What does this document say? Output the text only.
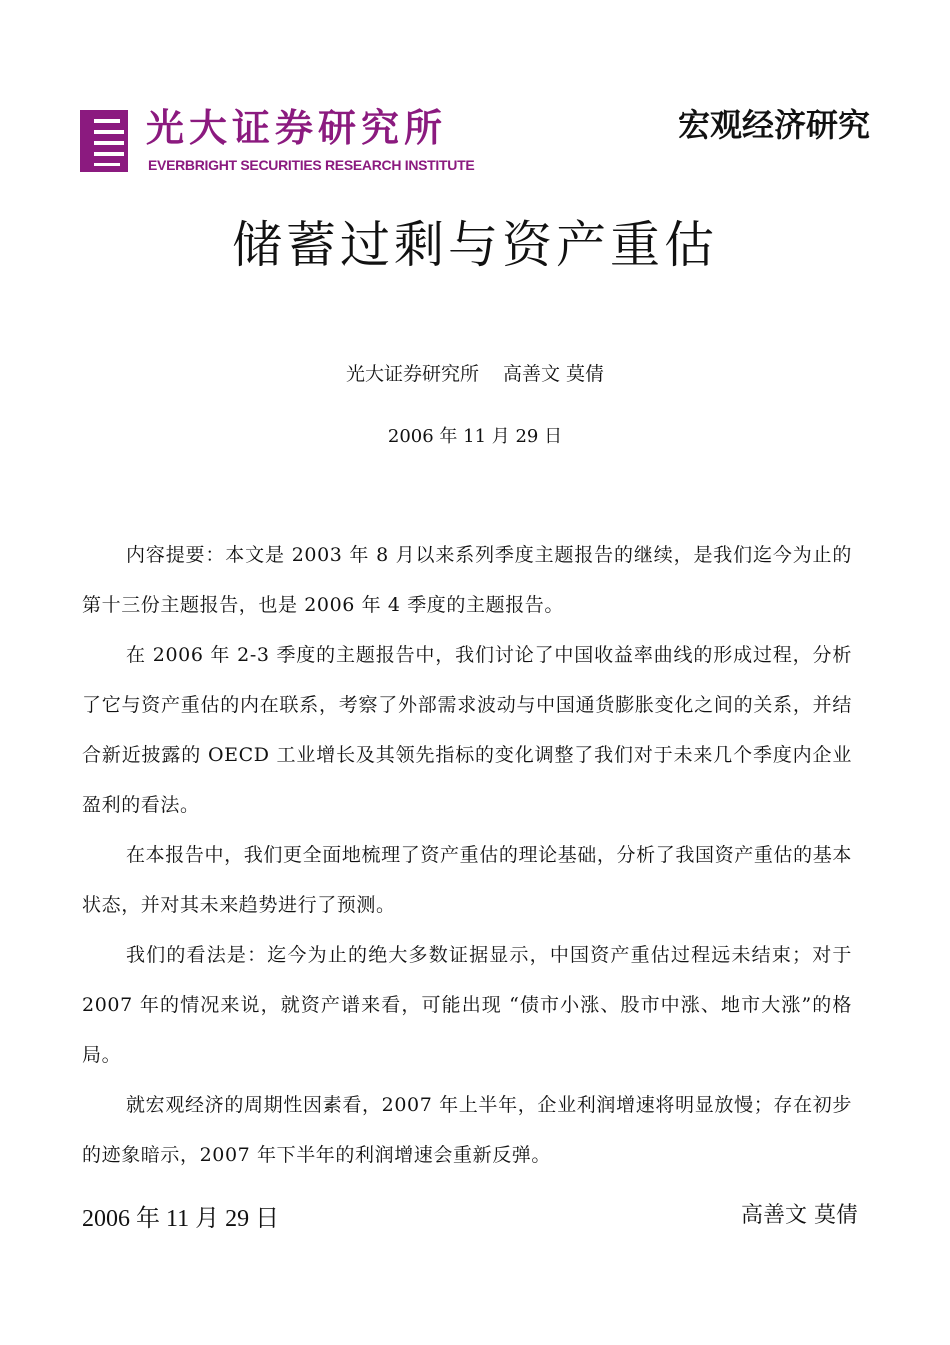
光大证券研究所
EVERBRIGHT SECURITIES RESEARCH INSTITUTE
宏观经济研究
储蓄过剩与资产重估
光大证券研究所 高善文 莫倩
2006 年 11 月 29 日

内容提要：本文是 2003 年 8 月以来系列季度主题报告的继续，是我们迄今为止的第十三份主题报告，也是 2006 年 4 季度的主题报告。

在 2006 年 2-3 季度的主题报告中，我们讨论了中国收益率曲线的形成过程，分析了它与资产重估的内在联系，考察了外部需求波动与中国通货膨胀变化之间的关系，并结合新近披露的 OECD 工业增长及其领先指标的变化调整了我们对于未来几个季度内企业盈利的看法。

在本报告中，我们更全面地梳理了资产重估的理论基础，分析了我国资产重估的基本状态，并对其未来趋势进行了预测。

我们的看法是：迄今为止的绝大多数证据显示，中国资产重估过程远未结束；对于 2007 年的情况来说，就资产谱来看，可能出现 “债市小涨、股市中涨、地市大涨”的格局。

就宏观经济的周期性因素看，2007 年上半年，企业利润增速将明显放慢；存在初步的迹象暗示，2007 年下半年的利润增速会重新反弹。

2006 年 11 月 29 日	高善文 莫倩
